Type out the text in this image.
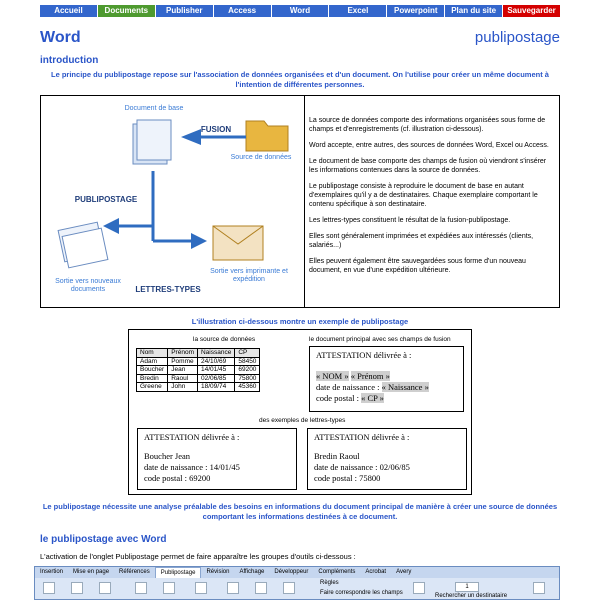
Accueil	Documents	Publisher	Access	Word	Excel	Powerpoint	Plan du site	Sauvegarder
Word	publipostage
introduction
Le principe du publipostage repose sur l'association de données organisées et d'un document. On l'utilise pour créer un même document à l'intention de différentes personnes.
Document de base
FUSION
Source de données
PUBLIPOSTAGE
Sortie vers nouveaux documents	LETTRES-TYPES
Sortie vers imprimante et expédition

La source de données comporte des informations organisées sous forme de champs et d'enregistrements (cf. illustration ci-dessous).

Word accepte, entre autres, des sources de données Word, Excel ou Access.

Le document de base comporte des champs de fusion où viendront s'insérer les informations contenues dans la source de données.

Le publipostage consiste à reproduire le document de base en autant d'exemplaires qu'il y a de destinataires. Chaque exemplaire comportant le contenu spécifique à son destinataire.

Les lettres-types constituent le résultat de la fusion-publipostage.

Elles sont généralement imprimées et expédiées aux intéressés (clients, salariés...)

Elles peuvent également être sauvegardées sous forme d'un nouveau document, en vue d'une expédition ultérieure.

L'illustration ci-dessous montre un exemple de publipostage
la source de données	le document principal avec ses champs de fusion
Nom	Prénom	Naissance	CP
Adam	Pomme	24/10/69	58450
Boucher	Jean	14/01/45	69200
Bredin	Raoul	02/06/85	75800
Greene	John	18/09/74	45360
ATTESTATION délivrée à :
« NOM » « Prénom »
date de naissance : « Naissance »
code postal : « CP »
des exemples de lettres-types
ATTESTATION délivrée à :
Boucher Jean
date de naissance : 14/01/45
code postal : 69200
ATTESTATION délivrée à :
Bredin Raoul
date de naissance : 02/06/85
code postal : 75800
Le publipostage nécessite une analyse préalable des besoins en informations du document principal de manière à créer une source de données comportant les informations destinées à ce document.
le publipostage avec Word
L'activation de l'onglet Publipostage permet de faire apparaître les groupes d'outils ci-dessous :
Insertion	Mise en page	Références	Publipostage	Révision	Affichage	Développeur	Compléments	Acrobat	Avery
Règles
Faire correspondre les champs
1
Rechercher un destinataire
